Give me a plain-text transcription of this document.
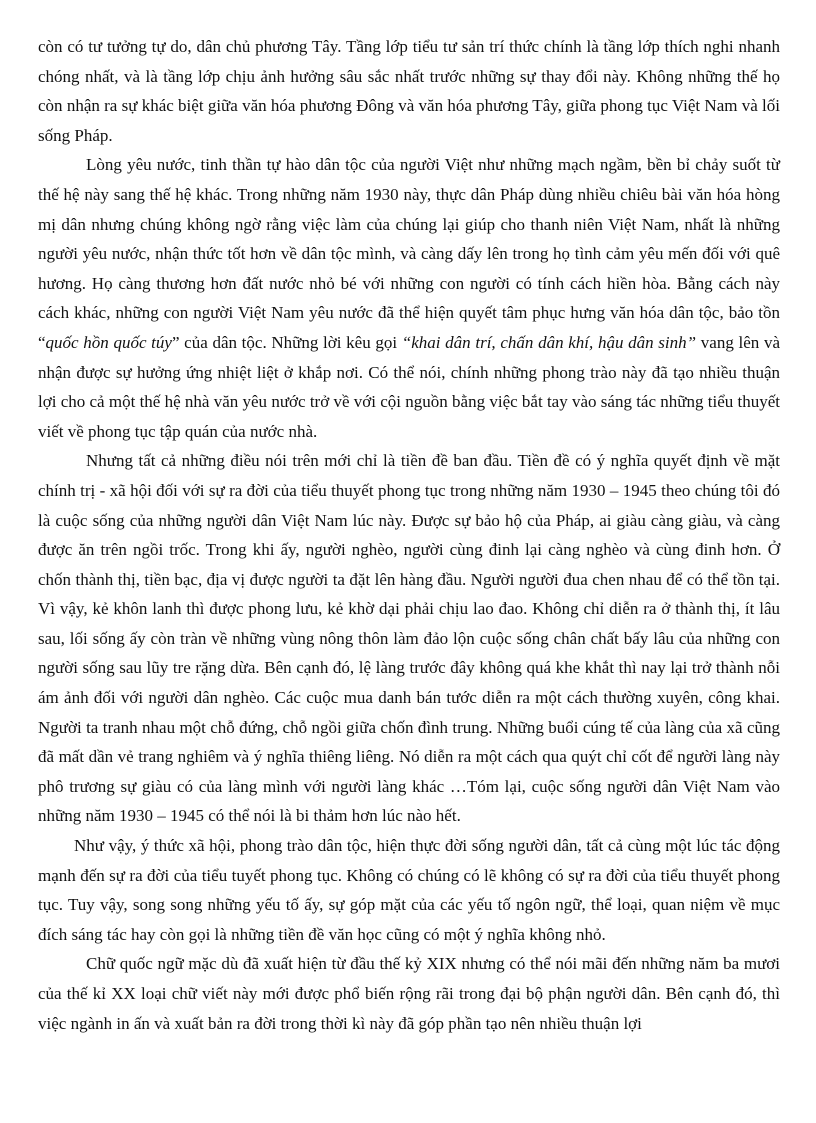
còn có tư tưởng tự do, dân chủ phương Tây. Tầng lớp tiểu tư sản trí thức chính là tầng lớp thích nghi nhanh chóng nhất, và là tầng lớp chịu ảnh hưởng sâu sắc nhất trước những sự thay đổi này. Không những thế họ còn nhận ra sự khác biệt giữa văn hóa phương Đông và văn hóa phương Tây, giữa phong tục Việt Nam và lối sống Pháp.

Lòng yêu nước, tinh thần tự hào dân tộc của người Việt như những mạch ngầm, bền bỉ chảy suốt từ thế hệ này sang thế hệ khác. Trong những năm 1930 này, thực dân Pháp dùng nhiều chiêu bài văn hóa hòng mị dân nhưng chúng không ngờ rằng việc làm của chúng lại giúp cho thanh niên Việt Nam, nhất là những người yêu nước, nhận thức tốt hơn về dân tộc mình, và càng dấy lên trong họ tình cảm yêu mến đối với quê hương. Họ càng thương hơn đất nước nhỏ bé với những con người có tính cách hiền hòa. Bằng cách này cách khác, những con người Việt Nam yêu nước đã thể hiện quyết tâm phục hưng văn hóa dân tộc, bảo tồn “quốc hồn quốc túy” của dân tộc. Những lời kêu gọi “khai dân trí, chấn dân khí, hậu dân sinh” vang lên và nhận được sự hưởng ứng nhiệt liệt ở khắp nơi. Có thể nói, chính những phong trào này đã tạo nhiều thuận lợi cho cả một thế hệ nhà văn yêu nước trở về với cội nguồn bằng việc bắt tay vào sáng tác những tiểu thuyết viết về phong tục tập quán của nước nhà.

Nhưng tất cả những điều nói trên mới chỉ là tiền đề ban đầu. Tiền đề có ý nghĩa quyết định về mặt chính trị - xã hội đối với sự ra đời của tiểu thuyết phong tục trong những năm 1930 – 1945 theo chúng tôi đó là cuộc sống của những người dân Việt Nam lúc này. Được sự bảo hộ của Pháp, ai giàu càng giàu, và càng được ăn trên ngồi trốc. Trong khi ấy, người nghèo, người cùng đinh lại càng nghèo và cùng đinh hơn. Ở chốn thành thị, tiền bạc, địa vị được người ta đặt lên hàng đầu. Người người đua chen nhau để có thể tồn tại. Vì vậy, kẻ khôn lanh thì được phong lưu, kẻ khờ dại phải chịu lao đao. Không chỉ diễn ra ở thành thị, ít lâu sau, lối sống ấy còn tràn về những vùng nông thôn làm đảo lộn cuộc sống chân chất bấy lâu của những con người sống sau lũy tre rặng dừa. Bên cạnh đó, lệ làng trước đây không quá khe khắt thì nay lại trở thành nỗi ám ảnh đối với người dân nghèo. Các cuộc mua danh bán tước diễn ra một cách thường xuyên, công khai. Người ta tranh nhau một chỗ đứng, chỗ ngồi giữa chốn đình trung. Những buổi cúng tế của làng của xã cũng đã mất dần vẻ trang nghiêm và ý nghĩa thiêng liêng. Nó diễn ra một cách qua quýt chỉ cốt để người làng này phô trương sự giàu có của làng mình với người làng khác …Tóm lại, cuộc sống người dân Việt Nam vào những năm 1930 – 1945 có thể nói là bi thảm hơn lúc nào hết.

Như vậy, ý thức xã hội, phong trào dân tộc, hiện thực đời sống người dân, tất cả cùng một lúc tác động mạnh đến sự ra đời của tiểu tuyết phong tục. Không có chúng có lẽ không có sự ra đời của tiểu thuyết phong tục. Tuy vậy, song song những yếu tố ấy, sự góp mặt của các yếu tố ngôn ngữ, thể loại, quan niệm về mục đích sáng tác hay còn gọi là những tiền đề văn học cũng có một ý nghĩa không nhỏ.

Chữ quốc ngữ mặc dù đã xuất hiện từ đầu thế kỷ XIX nhưng có thể nói mãi đến những năm ba mươi của thế kỉ XX loại chữ viết này mới được phổ biến rộng rãi trong đại bộ phận người dân. Bên cạnh đó, thì việc ngành in ấn và xuất bản ra đời trong thời kì này đã góp phần tạo nên nhiều thuận lợi
